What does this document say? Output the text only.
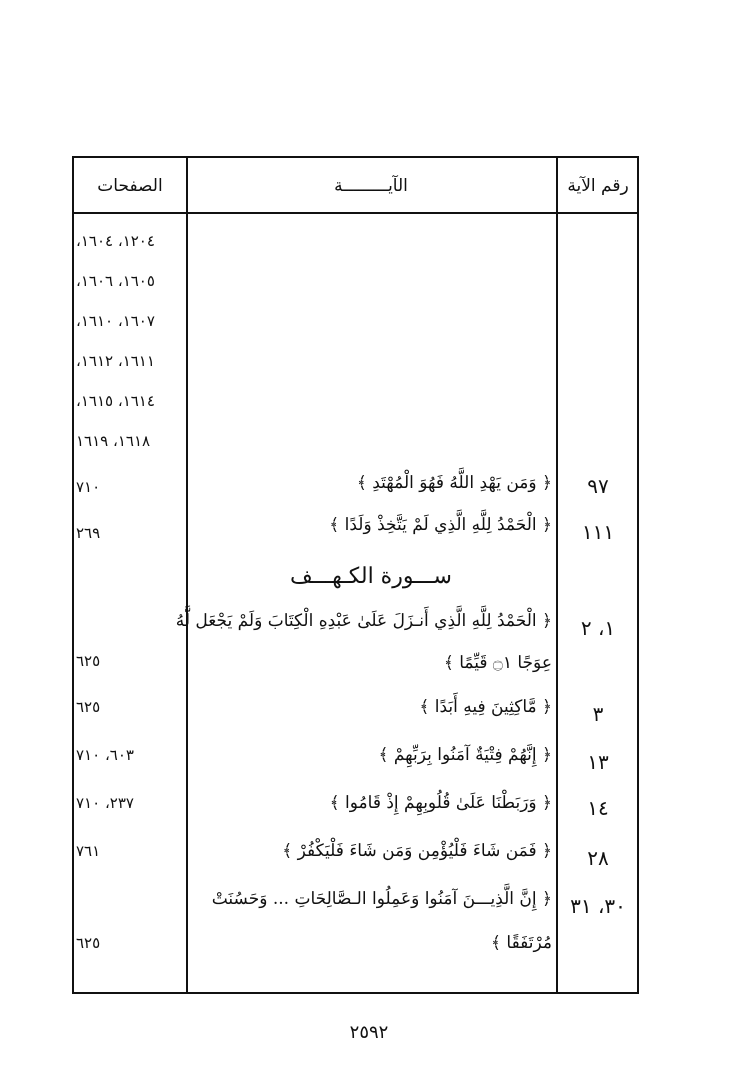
رقم الآية
الآيـــــــــة
الصفحات
١٢٠٤، ١٦٠٤،
١٦٠٥، ١٦٠٦،
١٦٠٧، ١٦١٠،
١٦١١، ١٦١٢،
١٦١٤، ١٦١٥،
١٦١٨، ١٦١٩
٩٧
﴿ وَمَن يَهْدِ اللَّهُ فَهُوَ الْمُهْتَدِ ﴾
٧١٠
١١١
﴿ الْحَمْدُ لِلَّهِ الَّذِي لَمْ يَتَّخِذْ وَلَدًا ﴾
٢٦٩
ســـورة الكـهـــف
١، ٢
﴿ الْحَمْدُ لِلَّهِ الَّذِي أَنـزَلَ عَلَىٰ عَبْدِهِ الْكِتَابَ وَلَمْ يَجْعَل لَّهُ
عِوَجًا ۝١ قَيِّمًا ﴾
٦٢٥
٣
﴿ مَّاكِثِينَ فِيهِ أَبَدًا ﴾
٦٢٥
١٣
﴿ إِنَّهُمْ فِتْيَةٌ آمَنُوا بِرَبِّهِمْ ﴾
٦٠٣، ٧١٠
١٤
﴿ وَرَبَطْنَا عَلَىٰ قُلُوبِهِمْ إِذْ قَامُوا ﴾
٢٣٧، ٧١٠
٢٨
﴿ فَمَن شَاءَ فَلْيُؤْمِن وَمَن شَاءَ فَلْيَكْفُرْ ﴾
٧٦١
٣٠، ٣١
﴿ إِنَّ الَّذِيـــنَ آمَنُوا وَعَمِلُوا الـصَّالِحَاتِ ... وَحَسُنَتْ
مُرْتَفَقًا ﴾
٦٢٥
٢٥٩٢
